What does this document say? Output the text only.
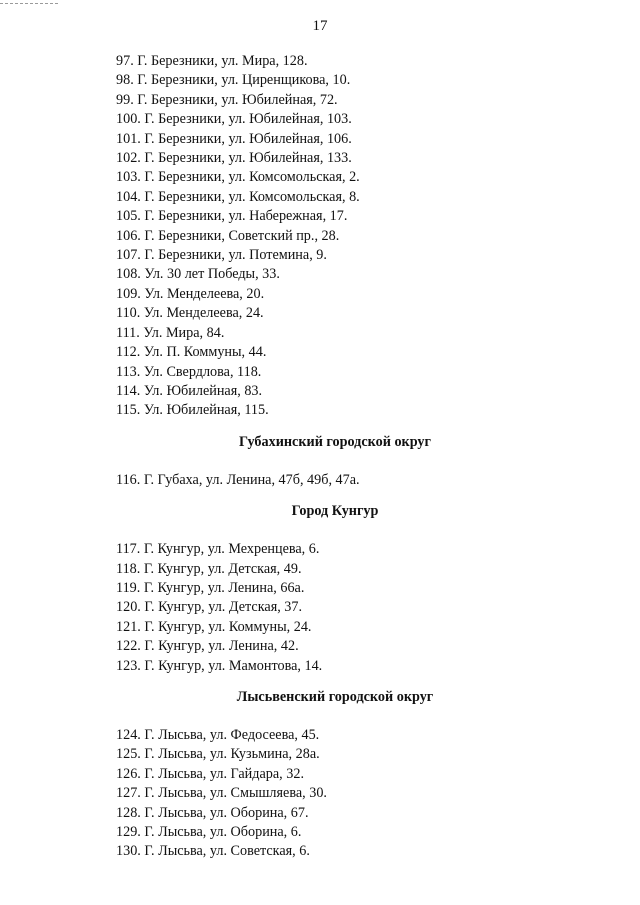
17
97. Г. Березники, ул. Мира, 128.
98. Г. Березники, ул. Циренщикова, 10.
99. Г. Березники, ул. Юбилейная, 72.
100. Г. Березники, ул. Юбилейная, 103.
101. Г. Березники, ул. Юбилейная, 106.
102. Г. Березники, ул. Юбилейная, 133.
103. Г. Березники, ул. Комсомольская, 2.
104. Г. Березники, ул. Комсомольская, 8.
105. Г. Березники, ул. Набережная, 17.
106. Г. Березники, Советский пр., 28.
107. Г. Березники, ул. Потемина, 9.
108. Ул. 30 лет Победы, 33.
109. Ул. Менделеева, 20.
110. Ул. Менделеева, 24.
111. Ул. Мира, 84.
112. Ул. П. Коммуны, 44.
113. Ул. Свердлова, 118.
114. Ул. Юбилейная, 83.
115. Ул. Юбилейная, 115.
Губахинский городской округ
116. Г. Губаха, ул. Ленина, 47б, 49б, 47а.
Город Кунгур
117. Г. Кунгур, ул. Мехренцева, 6.
118. Г. Кунгур, ул. Детская, 49.
119. Г. Кунгур, ул. Ленина, 66а.
120. Г. Кунгур, ул. Детская, 37.
121. Г. Кунгур, ул. Коммуны, 24.
122. Г. Кунгур, ул. Ленина, 42.
123. Г. Кунгур, ул. Мамонтова, 14.
Лысьвенский городской округ
124. Г. Лысьва, ул. Федосеева, 45.
125. Г. Лысьва, ул. Кузьмина, 28а.
126. Г. Лысьва, ул. Гайдара, 32.
127. Г. Лысьва, ул. Смышляева, 30.
128. Г. Лысьва, ул. Оборина, 67.
129. Г. Лысьва, ул. Оборина, 6.
130. Г. Лысьва, ул. Советская, 6.
